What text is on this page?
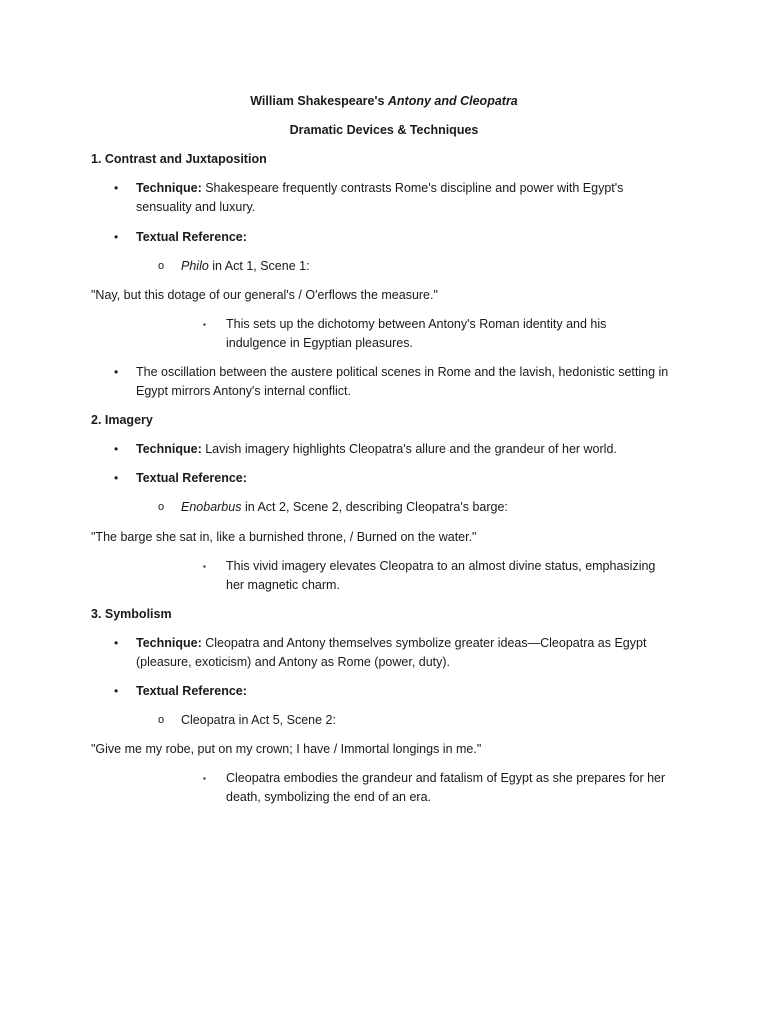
William Shakespeare's Antony and Cleopatra
Dramatic Devices & Techniques
1. Contrast and Juxtaposition
• Technique: Shakespeare frequently contrasts Rome's discipline and power with Egypt's
sensuality and luxury.
• Textual Reference:
o Philo in Act 1, Scene 1:
"Nay, but this dotage of our general's / O'erflows the measure."
▪ This sets up the dichotomy between Antony's Roman identity and his
indulgence in Egyptian pleasures.
• The oscillation between the austere political scenes in Rome and the lavish, hedonistic setting in
Egypt mirrors Antony's internal conflict.
2. Imagery
• Technique: Lavish imagery highlights Cleopatra's allure and the grandeur of her world.
• Textual Reference:
o Enobarbus in Act 2, Scene 2, describing Cleopatra's barge:
"The barge she sat in, like a burnished throne, / Burned on the water."
▪ This vivid imagery elevates Cleopatra to an almost divine status, emphasizing
her magnetic charm.
3. Symbolism
• Technique: Cleopatra and Antony themselves symbolize greater ideas—Cleopatra as Egypt
(pleasure, exoticism) and Antony as Rome (power, duty).
• Textual Reference:
o Cleopatra in Act 5, Scene 2:
"Give me my robe, put on my crown; I have / Immortal longings in me."
▪ Cleopatra embodies the grandeur and fatalism of Egypt as she prepares for her
death, symbolizing the end of an era.
